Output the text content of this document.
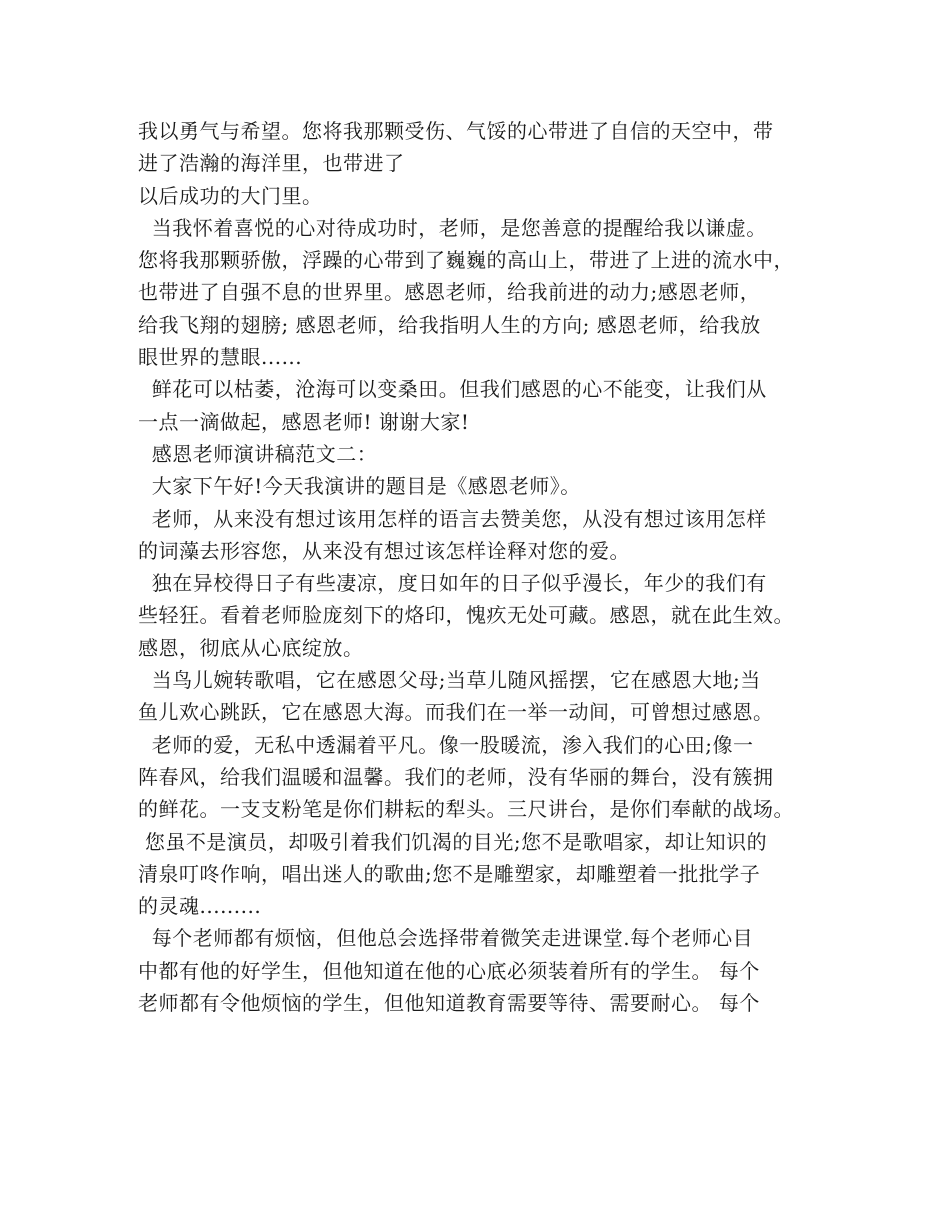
我以勇气与希望。您将我那颗受伤、气馁的心带进了自信的天空中，带
进了浩瀚的海洋里，也带进了
以后成功的大门里。
当我怀着喜悦的心对待成功时，老师，是您善意的提醒给我以谦虚。
您将我那颗骄傲，浮躁的心带到了巍巍的高山上，带进了上进的流水中，
也带进了自强不息的世界里。感恩老师，给我前进的动力;感恩老师，
给我飞翔的翅膀; 感恩老师，给我指明人生的方向; 感恩老师，给我放
眼世界的慧眼......
鲜花可以枯萎，沧海可以变桑田。但我们感恩的心不能变，让我们从
一点一滴做起，感恩老师! 谢谢大家!
感恩老师演讲稿范文二：
大家下午好!今天我演讲的题目是《感恩老师》。
老师，从来没有想过该用怎样的语言去赞美您，从没有想过该用怎样
的词藻去形容您，从来没有想过该怎样诠释对您的爱。
独在异校得日子有些凄凉，度日如年的日子似乎漫长，年少的我们有
些轻狂。看着老师脸庞刻下的烙印，愧疚无处可藏。感恩，就在此生效。
感恩，彻底从心底绽放。
当鸟儿婉转歌唱，它在感恩父母;当草儿随风摇摆，它在感恩大地;当
鱼儿欢心跳跃，它在感恩大海。而我们在一举一动间，可曾想过感恩。
老师的爱，无私中透漏着平凡。像一股暖流，渗入我们的心田;像一
阵春风，给我们温暖和温馨。我们的老师，没有华丽的舞台，没有簇拥
的鲜花。一支支粉笔是你们耕耘的犁头。三尺讲台，是你们奉献的战场。
您虽不是演员，却吸引着我们饥渴的目光;您不是歌唱家，却让知识的
清泉叮咚作响，唱出迷人的歌曲;您不是雕塑家，却雕塑着一批批学子
的灵魂.........
每个老师都有烦恼，但他总会选择带着微笑走进课堂.每个老师心目
中都有他的好学生，但他知道在他的心底必须装着所有的学生。 每个
老师都有令他烦恼的学生，但他知道教育需要等待、需要耐心。 每个
